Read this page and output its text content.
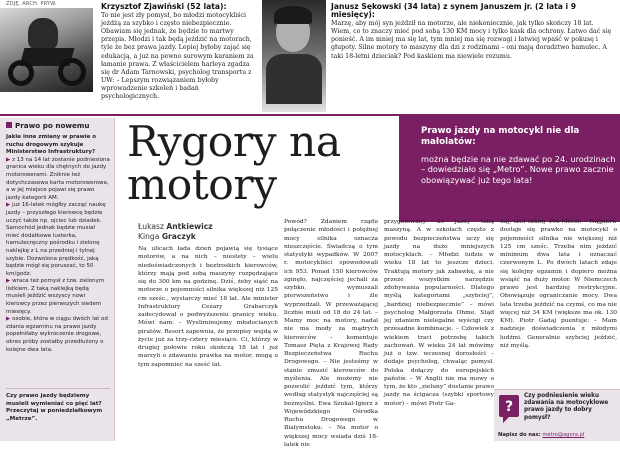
ZDJĘ. ARCH. PRYW.	Krzysztof Zjawiński (52 lata):
To nie jest zły pomysł, bo młodzi motocykliści jeżdżą za szybko i często niebezpiecznie. Obawiam się jednak, że będzie to martwy przepis. Młodzi i tak będą jeździć na motorach, tyle że bez prawa jazdy. Lepiej byłoby zająć się edukacją, a już na pewno surowym karaniem za łamanie prawa. Z właścicielem harleya zgadza się dr Adam Tarnowski, psycholog transportu z UW: – Lepszym rozwiązaniem byłoby wprowadzenie szkoleń i badań psychologicznych.
Janusz Sękowski (34 lata) z synem Januszem jr. (2 lata i 9 miesięcy):
Marzę, aby mój syn jeździł na motorze, ale niekoniecznie, jak tylko skończy 18 lat. Wiem, co to znaczy mieć pod sobą 130 KM mocy i tylko kask dla ochrony. Łatwo dać się ponieść. A im mniej ma się lat, tym mniej ma się rozwagi i łatwiej wpaść w pokusę i głupoty. Silne motory to maszyny dla dzi z rodzinami – oni mają doradztwo hamulec. A taki 18-letni dzieciak? Pod kaskiem ma niewiele rozumu.
Prawo po nowemu

Jakie inne zmiany w prawie o ruchu drogowym szykuje Ministerstwo Infrastruktury?

▶ z 13 na 14 lat zostanie podniesiona granica wieku dla chętnych do jazdy motorowerami. Zniknie też dotychczasowa karta motorowerowa, a w jej miejsce pojawi się prawo jazdy kategorii AM.

▶ już 16-latek mógłby zacząć naukę jazdy – przyszłego kierowcę będzie uczyć także np. ojciec lub dziadek. Samochód jednak będzie musiał mieć dodatkowe lusterka, hamulecręczny pośrodku i zielonę naklejkę z L na przedniej i tylnej szybie. Dozwolona prędkość, jaką będzie mógł się poruszać, to 50 km/godz.

▶ wraca też pomysł z tzw. zielonym listkiem. Z taką naklejką będą musieli jeździć wszyscy nowi kierowcy przez pierwszych siedem miesięcy.

▶ osobie, która w ciągu dwóch lat od zdania egzaminu na prawo jazdy popełniłaby wykroczenie drogowe, okres próby zostałby przedłużony o kolejne dwa lata.

Czy prawo jazdy będziemy musieli wymieniać co pięć lat? Przeczytaj w poniedziałkowym „Metrze”.
Rygory na motory
Prawo jazdy na motocykl nie dla małolatów:
można będzie na nie zdawać po 24. urodzinach – dowiedziało się „Metro”. Nowe prawo zacznie obowiązywać już tego lata!
Łukasz Antkiewicz
Kinga Graczyk

Na ulicach łada dzień pojawią się tysiące motorów, a na nich – niestety – wielu niedoświadczonych i beztroskich kierowców, którzy mają pod sobą maszyny rozpędzające się do 300 km na godzinę. Dziś, żeby siąść na motorze o pojemności silnika większej niż 125 cm sześc., wystarczy mieć 18 lat. Ale minister Infrastruktury Cezary Grabarczyk zadecydował o podwyższeniu granicy wieku. Mówi nam: – Wyeliminujemy młodocianych piratów. Resort zapewnia, że przepisy wejdą w życie już za trzy-cztery miesiące. Ci, którzy w drugiej połowie roku skończą 18 lat i już marzyli o zdawaniu prawka na motor, mogą o tym zapomnieć na sześć lat.

Powód? Zdaniem rządu połączenie młodości i potężnej mocy silnika oznacza nieszczęście. Świadczą o tym statystyki wypadków. W 2007 r. motocykliści spowodowali ich 953. Ponad 150 kierowców zginęło, najczęściej jechali za szybko, wymuszali pierwszeństwo i źle wyprzedzali. W przeważającej liczbie mieli od 18 do 24 lat. – Mamy moc na motory, nadal nie ma mody za mądrych kierowców – komentuje Tomasz Pięta z Krajowej Rady Bezpieczeństwa Ruchu Drogowego. – Nie jesteśmy w stanie zmusić kierowców do myślenia. Ale możemy nie pozwolić jeździć tym, którzy według statystyk najczęściej są bezmyślni. Ewa Szukal-Igierz z Wojewódzkiego Ośrodka Ruchu Drogowego w Białymstoku: – Na motor o większej mocy wsiada dziś 18-latek nie

przygotowany do jazdy taką maszyną. A w szkołach często z powodu bezpieczeństwa uczy się jazdy na dużo mniejszych motocyklach. – Młodzi ludzie w wieku 18 lat to jeszcze dzieci. Traktują motory jak zabawkę, a nie przeze wszystkim narzędzie zdobywania popularności. Dlatego myślą kategoriami „szybciej”, „bardziej niebezpiecznie” – mówi psycholog Małgorzata Ohme. Stąd jej zdaniem nielegalne wyścigi czy przesadne kombinacje. – Człowiek z wiekiem traci potrzebę takich zachowań. W wieku 24 lat mówimy już o tzw. wczesnej dorosłości – dodaje psycholog, chwaląc pomysł. Polska dołączy do europejskich państw. – W Anglii nie ma mowy o tym, że kto „zieluny” dostanie prawo jazdy na ścigacza (szybki sportowy motor) – mówi Piotr Ga-

daj, szef szkoły Pro-Moror. – Najpierw dostaje się prawko na motocykl o pojemności silnika nie większej niż 125 cm sześc. Trzeba nim jeździć minimum dwa lata i oznaczać czerwonym L. Po dwóch latach zdaje się kolejny egzamin i dopiero można wsiąść na duży motor. W Niemczech prawo jest bardziej restrykcyjne. Obowiązuje ograniczanie mocy. Dwa lata trzeba jeździć na czymś, co ma nie więcej niż 34 KM (większe ma ok. 130 KM). Piotr Gadaj puentuje: – Mam nadzieje doświadczenia z młodymi ludźmi. Generalnie szybciej jeździć, niż myślą.

?
Czy podniesienie wieku zdawania na motocyklowe prawo jazdy to dobry pomysł?
Napisz do nas: metro@agora.pl
